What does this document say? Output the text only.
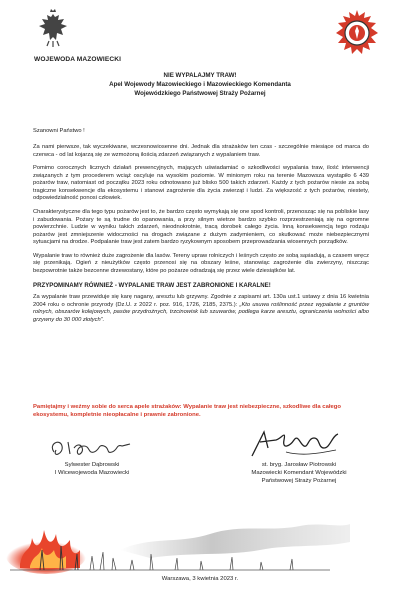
WOJEWODA MAZOWIECKI
NIE WYPALAJMY TRAW!
Apel Wojewody Mazowieckiego i Mazowieckiego Komendanta
Wojewódzkiego Państwowej Straży Pożarnej

Szanowni Państwo !

Za nami pierwsze, tak wyczekiwane, wczesnowiosenne dni. Jednak dla strażaków ten czas - szczególnie miesiące od marca do czerwca - od lat kojarzą się ze wzmożoną ilością zdarzeń związanych z wypalaniem traw.

Pomimo corocznych licznych działań prewencyjnych, mających uświadamiać o szkodliwości wypalania traw, ilość interwencji związanych z tym procederem wciąż oscyluje na wysokim poziomie. W minionym roku na terenie Mazowsza wystąpiło 6 439 pożarów traw, natomiast od początku 2023 roku odnotowano już blisko 500 takich zdarzeń. Każdy z tych pożarów niesie za sobą tragiczne konsekwencje dla ekosystemu i stanowi zagrożenie dla życia zwierząt i ludzi. Za większość z tych pożarów, niestety, odpowiedzialność ponosi człowiek.

Charakterystyczne dla tego typu pożarów jest to, że bardzo często wymykają się one spod kontroli, przenosząc się na pobliskie lasy i zabudowania. Pożary te są trudne do opanowania, a przy silnym wietrze bardzo szybko rozprzestrzeniają się na ogromne powierzchnie. Ludzie w wyniku takich zdarzeń, nieodnokrotnie, tracą dorobek całego życia. Inną konsekwencją tego rodzaju pożarów jest zmniejszenie widoczności na drogach związane z dużym zadymieniem, co skutkować może niebezpiecznymi sytuacjami na drodze. Podpalanie traw jest zatem bardzo ryzykownym sposobem przeprowadzania wiosennych porządków.

Wypalanie traw to również duże zagrożenie dla lasów. Tereny upraw rolniczych i leśnych często ze sobą sąsiadują, a czasem wręcz się przenikają. Ogień z nieużytków często przenosi się na obszary leśne, stanowiąc zagrożenie dla zwierzyny, niszcząc bezpowrotnie także bezcenne drzewostany, które po pożarze odradzają się przez wiele dziesiątków lat.

PRZYPOMINAMY RÓWNIEŻ - WYPALANIE TRAW JEST ZABRONIONE I KARALNE!

Za wypalanie traw przewiduje się karę nagany, aresztu lub grzywny. Zgodnie z zapisami art. 130a ust.1 ustawy z dnia 16 kwietnia 2004 roku o ochronie przyrody (Dz.U. z 2022 r. poz. 916, 1726, 2185, 2375.): „Kto usuwa roślinność przez wypalanie z gruntów rolnych, obszarów kolejowych, pasów przydrożnych, trzcinowisk lub szuwarów, podlega karze aresztu, ograniczenia wolności albo grzywny do 30 000 złotych”.

Pamiętajmy i weźmy sobie do serca apele strażaków: Wypalanie traw jest niebezpieczne, szkodliwe dla całego ekosystemu, kompletnie nieopłacalne i prawnie zabronione.
Sylwester Dąbrowski
I Wicewojewoda Mazowiecki
st. bryg. Jarosław Piotrowski
Mazowiecki Komendant Wojewódzki
Państwowej Straży Pożarnej
Warszawa, 3 kwietnia 2023 r.
